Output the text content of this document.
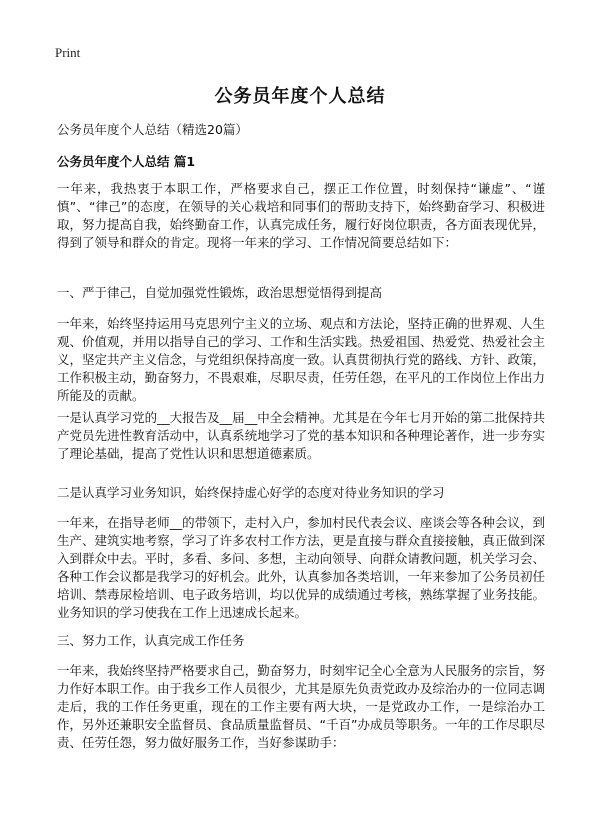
Print
公务员年度个人总结

公务员年度个人总结（精选20篇）

公务员年度个人总结 篇1

一年来，我热衷于本职工作，严格要求自己，摆正工作位置，时刻保持“谦虚”、“谨慎”、“律己”的态度，在领导的关心栽培和同事们的帮助支持下，始终勤奋学习、积极进取，努力提高自我，始终勤奋工作，认真完成任务，履行好岗位职责，各方面表现优异，得到了领导和群众的肯定。现将一年来的学习、工作情况简要总结如下：

一、严于律己，自觉加强党性锻炼，政治思想觉悟得到提高

一年来，始终坚持运用马克思列宁主义的立场、观点和方法论，坚持正确的世界观、人生观、价值观，并用以指导自己的学习、工作和生活实践。热爱祖国、热爱党、热爱社会主义，坚定共产主义信念，与党组织保持高度一致。认真贯彻执行党的路线、方针、政策，工作积极主动，勤奋努力，不畏艰难，尽职尽责，任劳任怨，在平凡的工作岗位上作出力所能及的贡献。

一是认真学习党的__大报告及__届__中全会精神。尤其是在今年七月开始的第二批保持共产党员先进性教育活动中，认真系统地学习了党的基本知识和各种理论著作，进一步夯实了理论基础，提高了党性认识和思想道德素质。

二是认真学习业务知识，始终保持虚心好学的态度对待业务知识的学习

一年来，在指导老师__的带领下，走村入户，参加村民代表会议、座谈会等各种会议，到生产、建筑实地考察，学习了许多农村工作方法，更是直接与群众直接接触，真正做到深入到群众中去。平时，多看、多问、多想，主动向领导、向群众请教问题，机关学习会、各种工作会议都是我学习的好机会。此外，认真参加各类培训，一年来参加了公务员初任培训、禁毒尿检培训、电子政务培训，均以优异的成绩通过考核，熟练掌握了业务技能。业务知识的学习使我在工作上迅速成长起来。

三、努力工作，认真完成工作任务

一年来，我始终坚持严格要求自己，勤奋努力，时刻牢记全心全意为人民服务的宗旨，努力作好本职工作。由于我乡工作人员很少，尤其是原先负责党政办及综治办的一位同志调走后，我的工作任务更重，现在的工作主要有两大块，一是党政办工作，一是综治办工作，另外还兼职安全监督员、食品质量监督员、“千百”办成员等职务。一年的工作尽职尽责、任劳任怨，努力做好服务工作，当好参谋助手：
